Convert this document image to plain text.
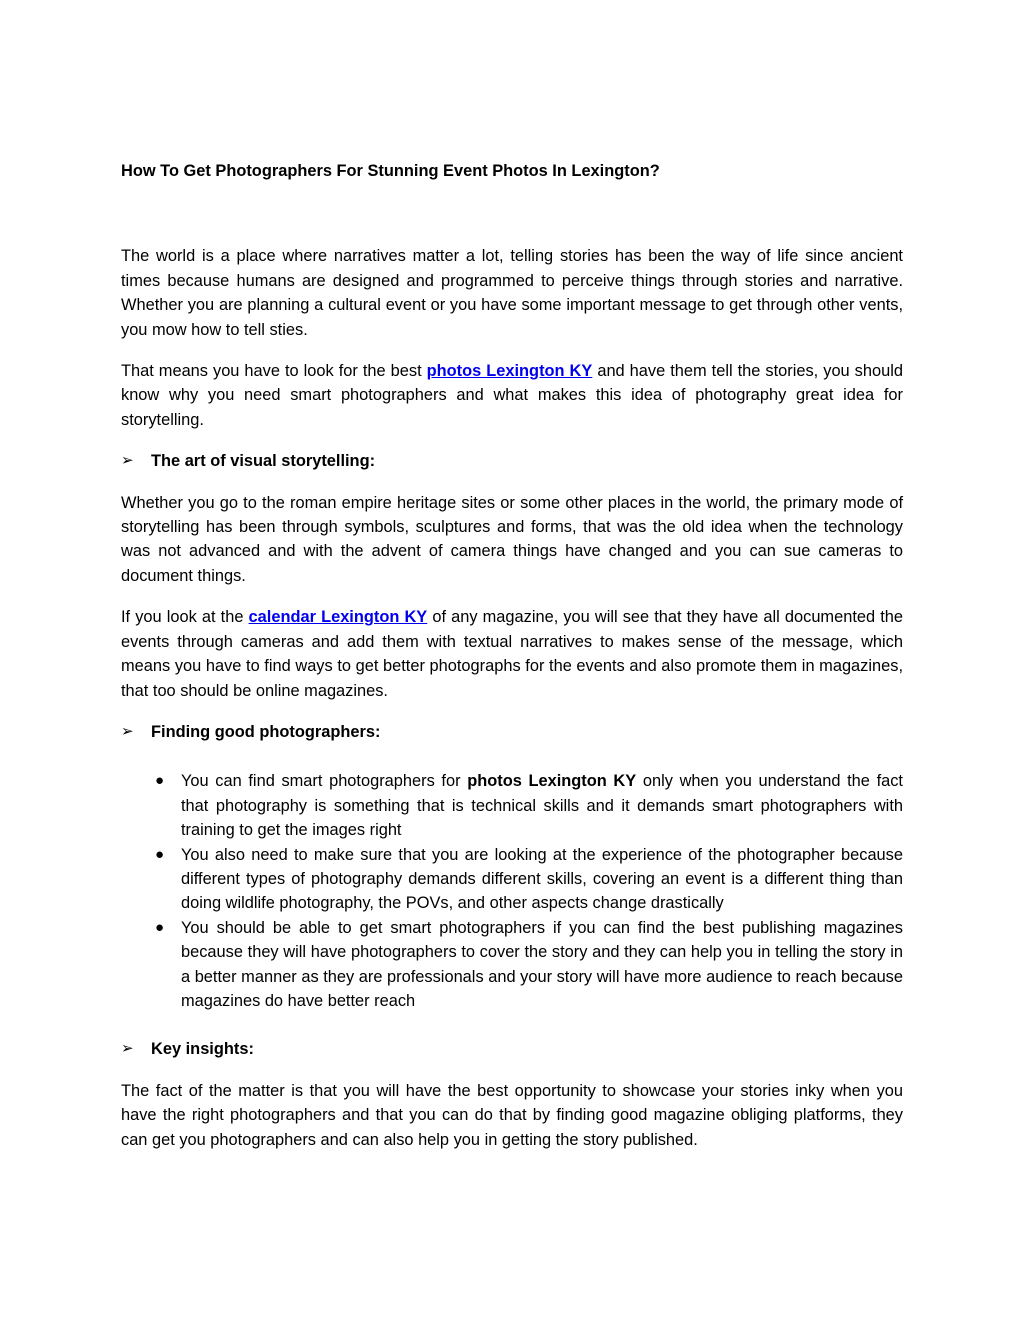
How To Get Photographers For Stunning Event Photos In Lexington?

The world is a place where narratives matter a lot, telling stories has been the way of life since ancient times because humans are designed and programmed to perceive things through stories and narrative. Whether you are planning a cultural event or you have some important message to get through other vents, you mow how to tell sties.

That means you have to look for the best photos Lexington KY and have them tell the stories, you should know why you need smart photographers and what makes this idea of photography great idea for storytelling.

➢	The art of visual storytelling:

Whether you go to the roman empire heritage sites or some other places in the world, the primary mode of storytelling has been through symbols, sculptures and forms, that was the old idea when the technology was not advanced and with the advent of camera things have changed and you can sue cameras to document things.

If you look at the calendar Lexington KY of any magazine, you will see that they have all documented the events through cameras and add them with textual narratives to makes sense of the message, which means you have to find ways to get better photographs for the events and also promote them in magazines, that too should be online magazines.

➢	Finding good photographers:
● You can find smart photographers for photos Lexington KY only when you understand the fact that photography is something that is technical skills and it demands smart photographers with training to get the images right
● You also need to make sure that you are looking at the experience of the photographer because different types of photography demands different skills, covering an event is a different thing than doing wildlife photography, the POVs, and other aspects change drastically
● You should be able to get smart photographers if you can find the best publishing magazines because they will have photographers to cover the story and they can help you in telling the story in a better manner as they are professionals and your story will have more audience to reach because magazines do have better reach
➢	Key insights:

The fact of the matter is that you will have the best opportunity to showcase your stories inky when you have the right photographers and that you can do that by finding good magazine obliging platforms, they can get you photographers and can also help you in getting the story published.
